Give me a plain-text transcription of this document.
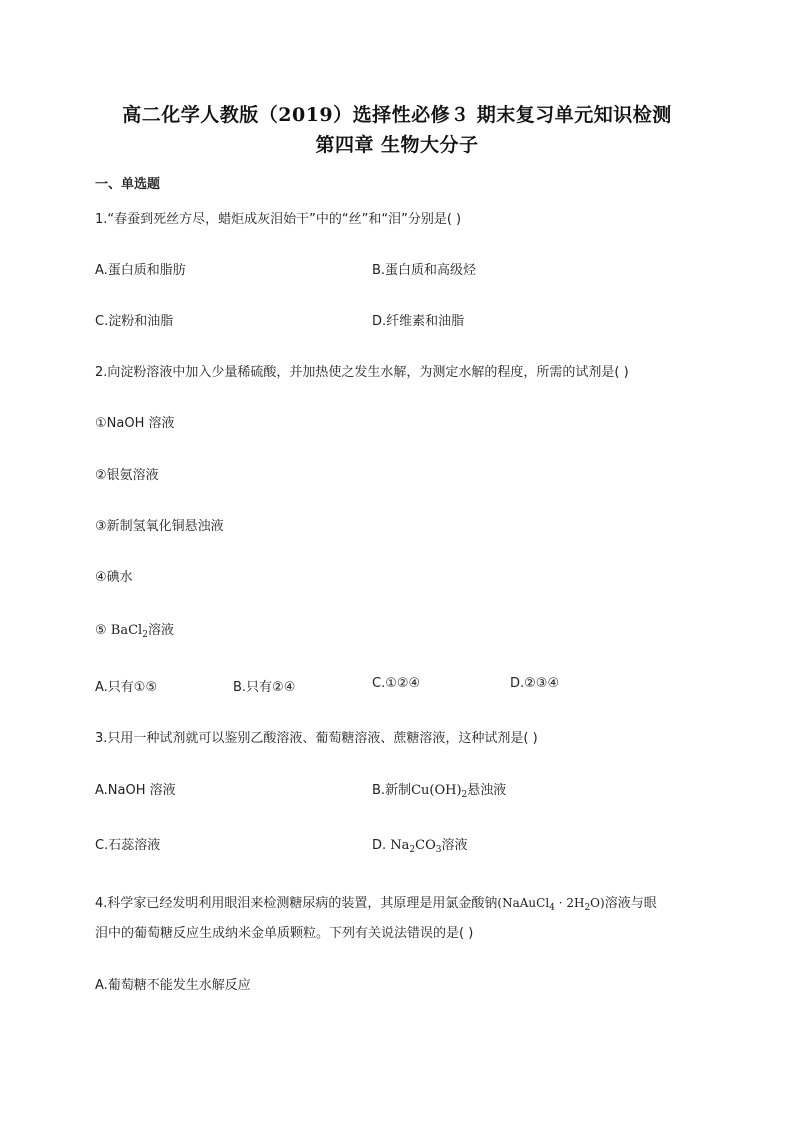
高二化学人教版（2019）选择性必修３ 期末复习单元知识检测
第四章 生物大分子
一、单选题
1.“春蚕到死丝方尽，蜡炬成灰泪始干”中的“丝”和“泪”分别是( )
A.蛋白质和脂肪	B.蛋白质和高级烃
C.淀粉和油脂	D.纤维素和油脂
2.向淀粉溶液中加入少量稀硫酸，并加热使之发生水解，为测定水解的程度，所需的试剂是( )
①NaOH 溶液
②银氨溶液
③新制氢氧化铜悬浊液
④碘水
⑤ BaCl$_2$溶液
A.只有①⑤	B.只有②④	C.①②④	D.②③④
3.只用一种试剂就可以鉴别乙酸溶液、葡萄糖溶液、蔗糖溶液，这种试剂是( )
A.NaOH 溶液	B.新制$Cu(OH)_2$悬浊液
C.石蕊溶液	D. $Na_2CO_3$溶液
4.科学家已经发明利用眼泪来检测糖尿病的装置，其原理是用氯金酸钠(NaAuCl$_4$ · $2H_2O$)溶液与眼
泪中的葡萄糖反应生成纳米金单质颗粒。下列有关说法错误的是( )
A.葡萄糖不能发生水解反应
